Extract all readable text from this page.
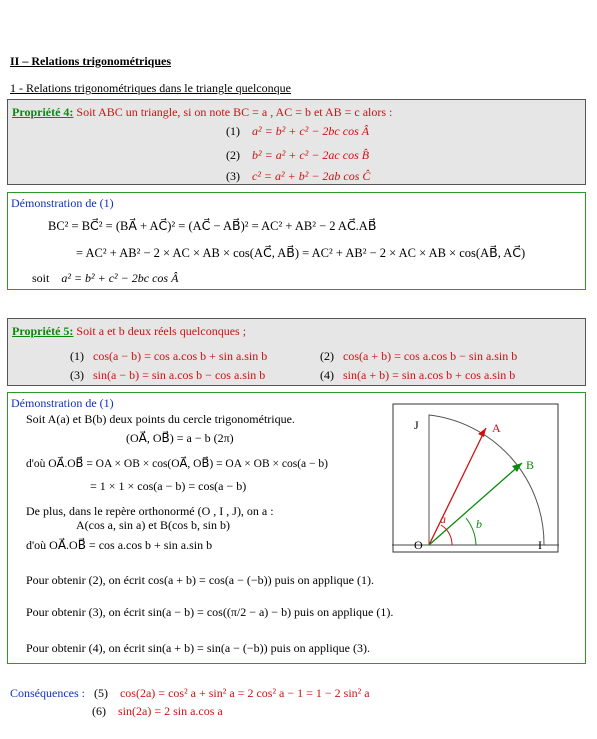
II – Relations trigonométriques
1 - Relations trigonométriques dans le triangle quelconque
Propriété 4: Soit ABC un triangle, si on note BC = a , AC = b et AB = c alors :
(1) a² = b² + c² − 2bc cos Â
(2) b² = a² + c² − 2ac cos B̂
(3) c² = a² + b² − 2ab cos Ĉ
Démonstration de (1)
BC² = BC⃗² = (BA⃗ + AC⃗)² = (AC⃗ − AB⃗)² = AC² + AB² − 2 AC⃗.AB⃗
= AC² + AB² − 2 × AC × AB × cos(AC⃗, AB⃗) = AC² + AB² − 2 × AC × AB × cos(AB⃗, AC⃗)
soit a² = b² + c² − 2bc cos Â
Propriété 5: Soit a et b deux réels quelconques ;
(1) cos(a − b) = cos a.cos b + sin a.sin b	(2) cos(a + b) = cos a.cos b − sin a.sin b
(3) sin(a − b) = sin a.cos b − cos a.sin b	(4) sin(a + b) = sin a.cos b + cos a.sin b
Démonstration de (1)
Soit A(a) et B(b) deux points du cercle trigonométrique.
(OA⃗, OB⃗) = a − b (2π)
d'où OA⃗.OB⃗ = OA × OB × cos(OA⃗, OB⃗) = OA × OB × cos(a − b)
= 1 × 1 × cos(a − b) = cos(a − b)
De plus, dans le repère orthonormé (O , I , J), on a :
A(cos a, sin a) et B(cos b, sin b)
d'où OA⃗.OB⃗ = cos a.cos b + sin a.sin b
Pour obtenir (2), on écrit cos(a + b) = cos(a − (−b)) puis on applique (1).
Pour obtenir (3), on écrit sin(a − b) = cos((π/2 − a) − b) puis on applique (1).
Pour obtenir (4), on écrit sin(a + b) = sin(a − (−b)) puis on applique (3).
J	A
B
O	I
a	b
Conséquences : (5) cos(2a) = cos² a + sin² a = 2 cos² a − 1 = 1 − 2 sin² a
(6) sin(2a) = 2 sin a.cos a
